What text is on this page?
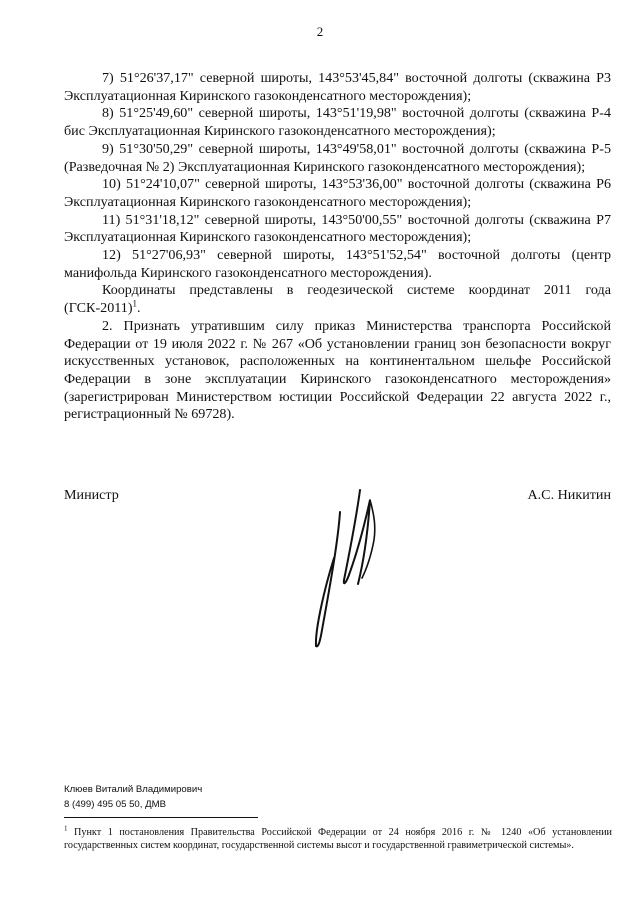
2

7) 51°26'37,17" северной широты, 143°53'45,84" восточной долготы (скважина Р3 Эксплуатационная Киринского газоконденсатного месторождения);

8) 51°25'49,60" северной широты, 143°51'19,98" восточной долготы (скважина Р-4 бис Эксплуатационная Киринского газоконденсатного месторождения);

9) 51°30'50,29" северной широты, 143°49'58,01" восточной долготы (скважина Р-5 (Разведочная № 2) Эксплуатационная Киринского газоконденсатного месторождения);

10) 51°24'10,07" северной широты, 143°53'36,00" восточной долготы (скважина Р6 Эксплуатационная Киринского газоконденсатного месторождения);

11) 51°31'18,12" северной широты, 143°50'00,55" восточной долготы (скважина Р7 Эксплуатационная Киринского газоконденсатного месторождения);

12) 51°27'06,93" северной широты, 143°51'52,54" восточной долготы (центр манифольда Киринского газоконденсатного месторождения).

Координаты представлены в геодезической системе координат 2011 года $(ГСК-2011)^1$.

2. Признать утратившим силу приказ Министерства транспорта Российской Федерации от 19 июля 2022 г. № 267 «Об установлении границ зон безопасности вокруг искусственных установок, расположенных на континентальном шельфе Российской Федерации в зоне эксплуатации Киринского газоконденсатного месторождения» (зарегистрирован Министерством юстиции Российской Федерации 22 августа 2022 г., регистрационный № 69728).

Министр	А.С. Никитин
Клюев Виталий Владимирович
8 (499) 495 05 50, ДМВ
$^1$ Пункт 1 постановления Правительства Российской Федерации от 24 ноября 2016 г. № 1240 «Об установлении государственных систем координат, государственной системы высот и государственной гравиметрической системы».
